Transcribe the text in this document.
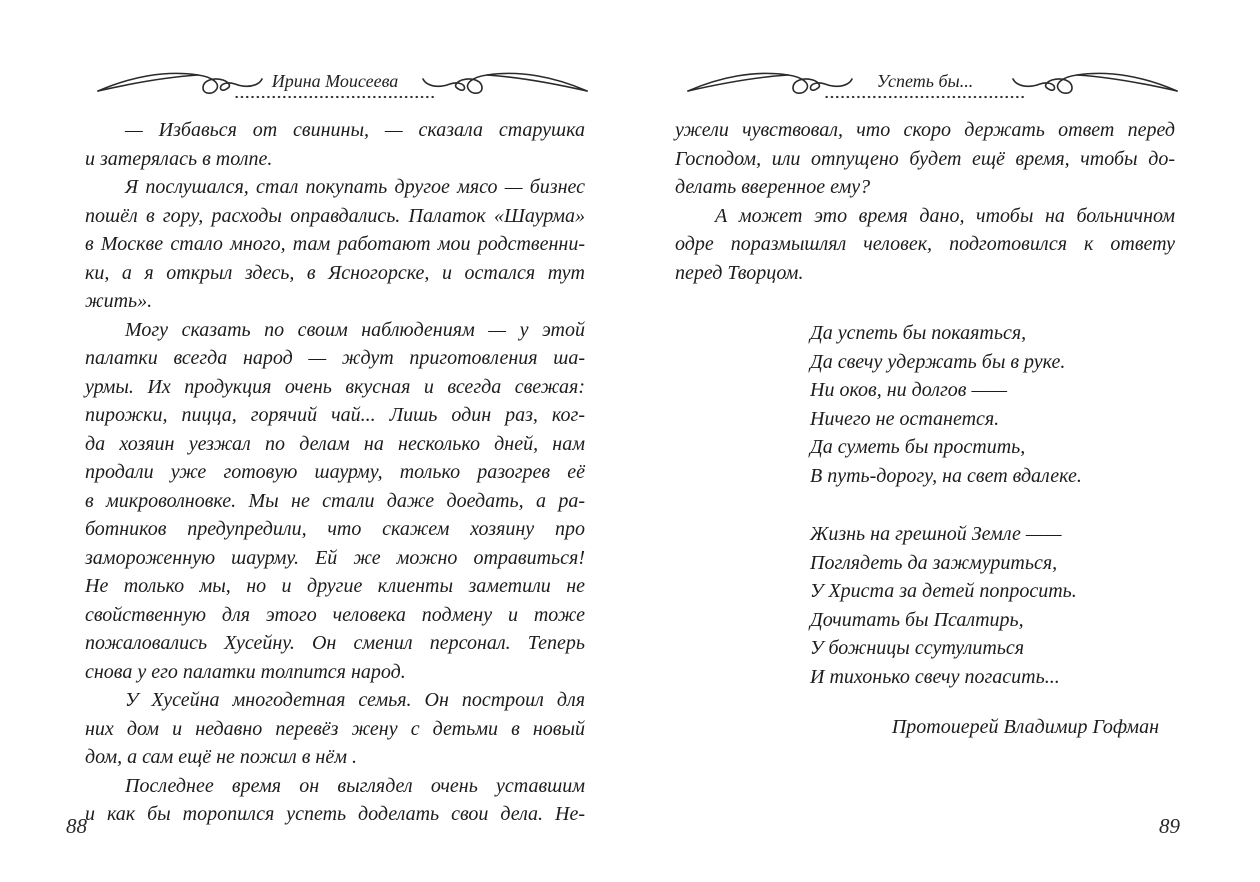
Ирина Моисеева
— Избавься от свинины, — сказала старушка
и затерялась в толпе.
Я послушался, стал покупать другое мясо — бизнес
пошёл в гору, расходы оправдались. Палаток «Шаурма»
в Москве стало много, там работают мои родственни-
ки, а я открыл здесь, в Ясногорске, и остался тут жить».
Могу сказать по своим наблюдениям — у этой
палатки всегда народ — ждут приготовления ша-
урмы. Их продукция очень вкусная и всегда свежая:
пирожки, пицца, горячий чай... Лишь один раз, ког-
да хозяин уезжал по делам на несколько дней, нам
продали уже готовую шаурму, только разогрев её
в микроволновке. Мы не стали даже доедать, а ра-
ботников предупредили, что скажем хозяину про
замороженную шаурму. Ей же можно отравиться!
Не только мы, но и другие клиенты заметили не
свойственную для этого человека подмену и тоже
пожаловались Хусейну. Он сменил персонал. Теперь
снова у его палатки толпится народ.
У Хусейна многодетная семья. Он построил для
них дом и недавно перевёз жену с детьми в новый
дом, а сам ещё не пожил в нём .
Последнее время он выглядел очень уставшим
и как бы торопился успеть доделать свои дела. Не-
Успеть бы...
ужели чувствовал, что скоро держать ответ перед
Господом, или отпущено будет ещё время, чтобы до-
делать вверенное ему?
А может это время дано, чтобы на больничном
одре поразмышлял человек, подготовился к ответу
перед Творцом.
Да успеть бы покаяться,
Да свечу удержать бы в руке.
Ни оков, ни долгов ——
Ничего не останется.
Да суметь бы простить,
В путь-дорогу, на свет вдалеке.
Жизнь на грешной Земле ——
Поглядеть да зажмуриться,
У Христа за детей попросить.
Дочитать бы Псалтирь,
У божницы ссутулиться
И тихонько свечу погасить...
Протоиерей Владимир Гофман
88	89
